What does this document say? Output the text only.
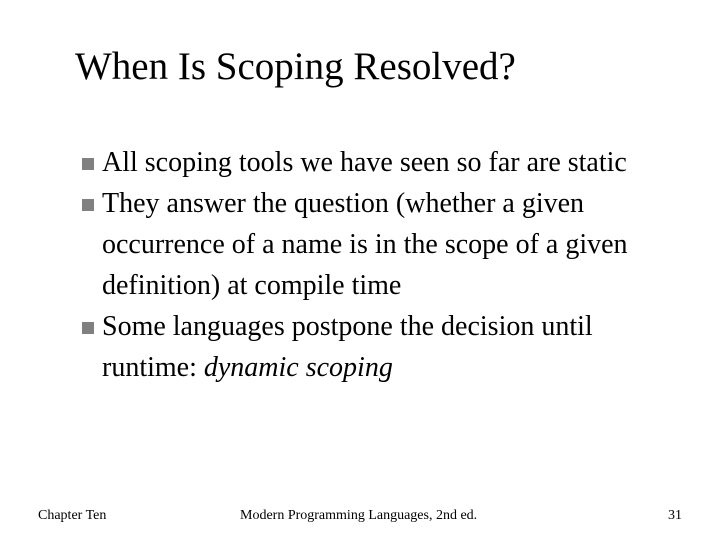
When Is Scoping Resolved?
All scoping tools we have seen so far are static
They answer the question (whether a given occurrence of a name is in the scope of a given definition) at compile time
Some languages postpone the decision until runtime: dynamic scoping
Chapter Ten	Modern Programming Languages, 2nd ed.	31
